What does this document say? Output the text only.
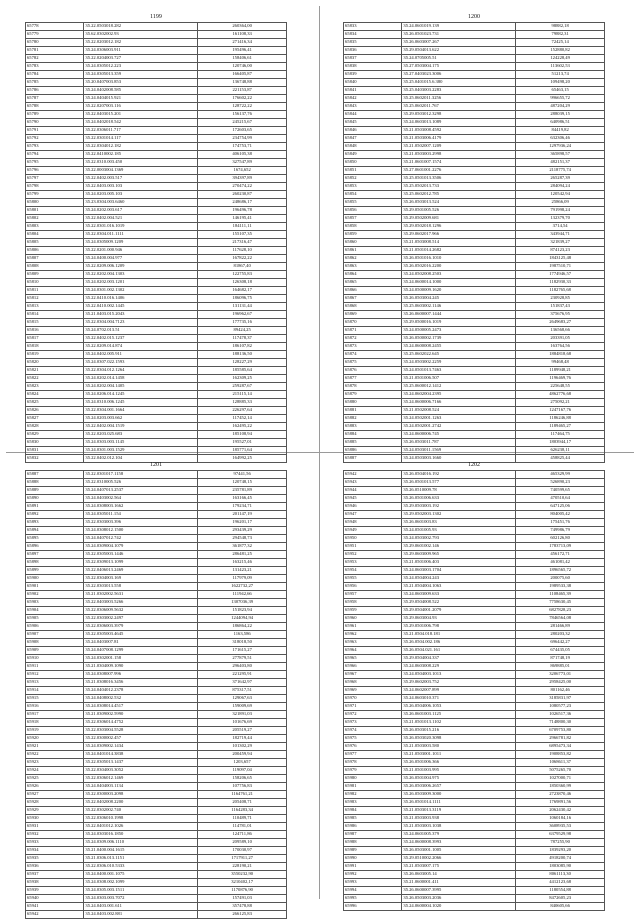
1199
65778	35.22.0503018.282	260364,00
65779	35.62.0302002.93	161108,33
65780	35.22.0203012.182	271416,34
65781	35.24.0306003.911	195496,41
65782	35.22.0204003.727	158406,61
65783	35.24.0305012.223	120746,00
65784	35.24.0305013.359	166405,87
65785	35.20.0407003.853	136748,88
65786	35.24.0402008.585	221153,87
65787	35.24.0404015.921	176602,22
65788	35.22.0207003.116	128722,22
65789	35.22.0403015.201	156137,76
65790	35.24.0402018.542	245215,67
65791	35.22.0306011.717	172603,65
65792	35.22.0301014.117	234754,99
65793	35.22.0304012.182	174753,71
65794	35.22.0410002.185	406105,38
65795	35.22.0310.003.450	327547,89
65796	35.22.0003004.1369	1674,652
65797	35.22.0402.003.517	394397,89
65798	35.22.0403.003.103	270474,22
65799	35.24.0203.005.103	260230,87
65800	35.23.0304.003.6460	248686,17
65801	35.24.0202.003.617	196496,78
65802	35.22.0402.004.521	146195,41
65803	35.22.0301.016.1019	184111,11
65804	35.22.0304.011.1111	155107,35
65805	35.24.0305009.1209	217316,47
65806	35.22.0201.000.946	117628,10
65807	35.24.0400.004.977	167822,22
65808	35.22.0209.006.1209	81867,40
65809	35.22.0202.004.1303	122755,83
65810	35.24.0202.003.1201	126308,18
65811	35.24.0301.002.1302	164682,17
65812	35.22.0410.016.1406	186096,75
65813	35.22.0410.002.1445	131131,44
65814	35.21.0403.015.2043	196962,67
65815	35.22.0304.004.7123	177735,16
65816	35.24.0702.013.51	89424,25
65817	35.22.0402.015.1237	117478,37
65818	35.22.0209.014.874	186107,82
65819	35.24.0402.005.911	188136,50
65820	35.24.0307.022.1593	128227,29
65821	35.22.0304.012.1264	185585,64
65822	35.24.0202.014.1458	162309,25
65823	35.24.0202.004.1405	259287,67
65824	35.24.0206.014.1245	215115,14
65825	35.24.0310.006.1245	128885,33
65826	35.22.0304.001.1664	226297,64
65827	35.24.0203.003.662	117452,14
65828	35.22.0402.004.1519	162495,22
65829	35.22.0203.025.683	185108,94
65830	35.24.0303.003.1145	195527,01
65831	35.24.0301.003.1529	185771,64
65832	35.22.0402.012.104	164992,25
1200
65833	35.24.0601019.139	98882,18
65834	35.26.0501023.731	79882,31
65835	35.26.0603007.267	72425,14
65836	35.29.0504013.622	152880,82
65837	35.24.0705005.51	124228,49
65838	35.27.0503004.175	113602,53
65839	35.27.0403023.3006	51213,74
65840	35.25.0401015.6.380	109498,20
65841	35.25.0403003.2283	65463,15
65842	35.25.0602011.3256	996655,72
65843	35.25.0602011.767	487204,29
65844	35.29.0503012.3298	288039,15
65845	35.24.0603013.1089	640986,51
65846	35.21.0503008.4592	84419,82
65847	35.21.0503006.4179	632306,46
65848	35.21.0502007.1209	1297936,24
65849	35.21.0503003.2998	365898,57
65850	35.21.0601007.1574	482151,37
65851	35.27.0601001.2276	2118775,74
65852	35.25.0501013.3506	265287,39
65853	35.25.0502013.733	284094,24
65854	35.25.0602012.785	120542,94
65855	35.26.0503013.524	25866,09
65856	35.29.0501005.526	791998,24
65857	35.29.0502009.681	132379,70
65858	35.29.0502018.1296	3714,54
65859	35.29.0602017.966	343944,71
65860	35.21.0503008.514	321839,27
65861	35.21.0501014.2682	874123,23
65862	35.26.0501016.1010	1843125,48
65863	35.26.0502016.2200	1987510,71
65864	35.24.0502008.2503	1774946,57
65865	35.24.0600014.1000	1182930,33
65866	35.24.0500009.1620	1182765,68
65867	35.26.0503004.245	230928,85
65868	35.25.0603002.1146	151837,43
65869	35.26.0600007.1444	375676,95
65870	35.29.0500016.1019	2649683,27
65871	35.24.0500005.2473	136568,66
65872	35.26.0500002.1739	203391,05
65873	35.24.0600008.2455	163764,56
65874	35.25.0602022.645	1884818,68
65875	35.24.0503002.2259	99468,48
65876	35.24.0501013.7463	1189948,21
65877	35.21.0501006.507	1196469,76
65878	35.25.0600012.1412	225648,55
65879	35.24.0602004.2395	4862776,68
65880	35.24.0600006.7166	275092,21
65881	35.21.0502008.524	1247167,76
65882	35.24.0502001.1263	1186246,88
65883	35.24.0502001.2742	1189465,27
65884	35.24.0600006.745	117464,75
65885	35.26.0503011.787	1803944,17
65886	35.24.0503011.1569	626238,11
65887	35.24.0503003.1660	458825,44
1201
65887	35.22.0301017.1158	97441,56
65888	35.22.0310005.526	120748,15
65889	35.24.0407013.2537	235781,89
65890	35.24.0403002.564	163166,45
65891	35.24.0308003.1662	179234,71
65892	35.24.0305011.154	201147,19
65893	35.22.0303003.396	196201,17
65894	35.24.0308012.1500	293439,29
65895	35.24.0407012.742	294548,73
65896	35.24.0309004.1079	361877,32
65897	35.22.0305003.1446	286481,25
65898	35.22.0309013.1099	163215,46
65899	35.22.0406013.2469	131423,21
65900	35.22.0304003.169	117979,09
65901	35.22.0303013.558	1622732,27
65902	35.21.0302002.5631	111942,66
65903	35.22.0403003.5266	1307036,39
65904	35.22.0306009.5632	151823,94
65905	35.22.0303002.2497	1244094,94
65906	35.22.0306003.3979	186864,22
65907	35.22.0305003.4645	1163,586
65908	35.24.0403007.81	318018,50
65909	35.24.0407008.1299	171615,27
65910	35.24.0302001.158	277879,51
65911	35.21.0304009.1090	296403,80
65912	35.24.0308007.996	221295,91
65913	35.21.0308016.3456	371642,97
65914	35.24.0404012.2378	875317,51
65915	35.24.0408002.532	129067,63
65916	35.24.0308014.4517	159009,69
65917	35.21.0309002.5990	321891,03
65918	35.22.0306014.4752	101676,69
65919	35.22.0303004.5528	205519,27
65920	35.22.0300002.457	182719,44
65921	35.24.0309002.1434	101302,29
65922	35.24.0401014.3838	200459,94
65923	35.22.0305013.1437	1203,657
65924	35.22.0304003.3052	119097,04
65925	35.22.0306012.1469	158206,65
65926	35.24.0404003.1134	107756,83
65927	35.22.0300003.2098	1164761,21
65928	35.22.0402008.2200	205408,71
65929	35.22.0302002.740	1164283,34
65930	35.22.0306010.1998	110489,71
65931	35.22.0401012.1026	114781,01
65932	35.24.0303016.1850	124711,86
65933	35.24.0309.006.1110	209589,10
65934	35.21.0400.004.1615	170030,97
65935	35.21.0306.013.1151	1717911,27
65936	35.22.0306.010.5333	228190,21
65937	35.24.0400.001.1075	3550232,90
65938	35.24.0308.002.1099	3210402,17
65939	35.24.0305.003.1511	1170876,90
65940	35.24.0303.003.7072	157491,03
65941	35.24.0403.001.611	357478,88
65942	35.24.0403.002.881	266125,83
1202
65942	35.26.0504016.192	465329,99
65943	35.26.0501013.577	526890,23
65944	35.26.0510009.78	740599,65
65945	35.26.0501006.633	470510,64
65946	35.29.0503003.192	647125,06
65947	35.29.0502003.1302	804005,42
65948	35.26.0601003.83	175451,76
65949	35.24.0501005.93	749986,79
65950	35.24.0503002.793	602126,80
65951	35.29.0601002.146	1783713,09
65952	35.29.0603009.965	456172,71
65953	35.21.0501006.403	461081,42
65954	35.24.0603003.1704	1896565,72
65955	35.24.0504004.243	200075,60
65956	35.21.0504004.1063	1989533,38
65957	35.24.0603009.633	1108465,39
65958	35.29.0504008.522	7758630,45
65959	35.29.0504001.2079	6827828,23
65960	35.29.0603004.93	7846564,08
65961	35.29.0501006.798	281466,89
65962	35.21.0504.018.181	280203,32
65963	35.26.0504.002.186	696442,27
65964	35.26.0504.021.161	674435,05
65965	35.29.0504004.337	871748,19
65966	35.24.0603008.229	869885,01
65967	35.24.0504003.1013	3206773,01
65968	35.29.0602003.752	2958425,00
65969	35.24.0602007.899	801162,46
65970	35.24.0603010.371	3185831,97
65971	35.26.0504006.1053	1080577,23
65972	35.26.0601003.1125	1026517,36
65973	35.21.0501013.1102	7148800,30
65974	35.26.0503015.216	6709753,80
65975	35.26.0503020.3098	2966781,82
65976	35.21.0503003.580	6895473,34
65977	35.21.0503001.1011	1908853,82
65978	35.26.0501006.366	1068611,37
65979	35.21.0501003.995	5075265,70
65980	35.26.0501004.975	1027000,71
65981	35.26.0503006.2657	1850360,99
65982	35.26.0503009.3000	2723870,46
65983	35.26.0501014.1111	1769891,56
65984	35.21.0503013.3119	2062430,42
65985	35.21.0503003.938	1060184,16
65986	35.21.0503003.1038	3608935,53
65987	35.24.0601005.379	6379529,98
65988	35.24.0600008.3993	787255,90
65989	35.26.0503001.1005	1839293,20
65990	35.29.0510002.2066	4918200,74
65991	35.21.0503007.175	1803085,90
65992	35.26.0603005.14	8061113,30
65993	35.21.0600001.411	4412123,68
65994	35.26.0600007.3995	1180554,88
65995	35.26.0503003.2036	8472605,23
65996	35.24.0600004.1020	840605,66
